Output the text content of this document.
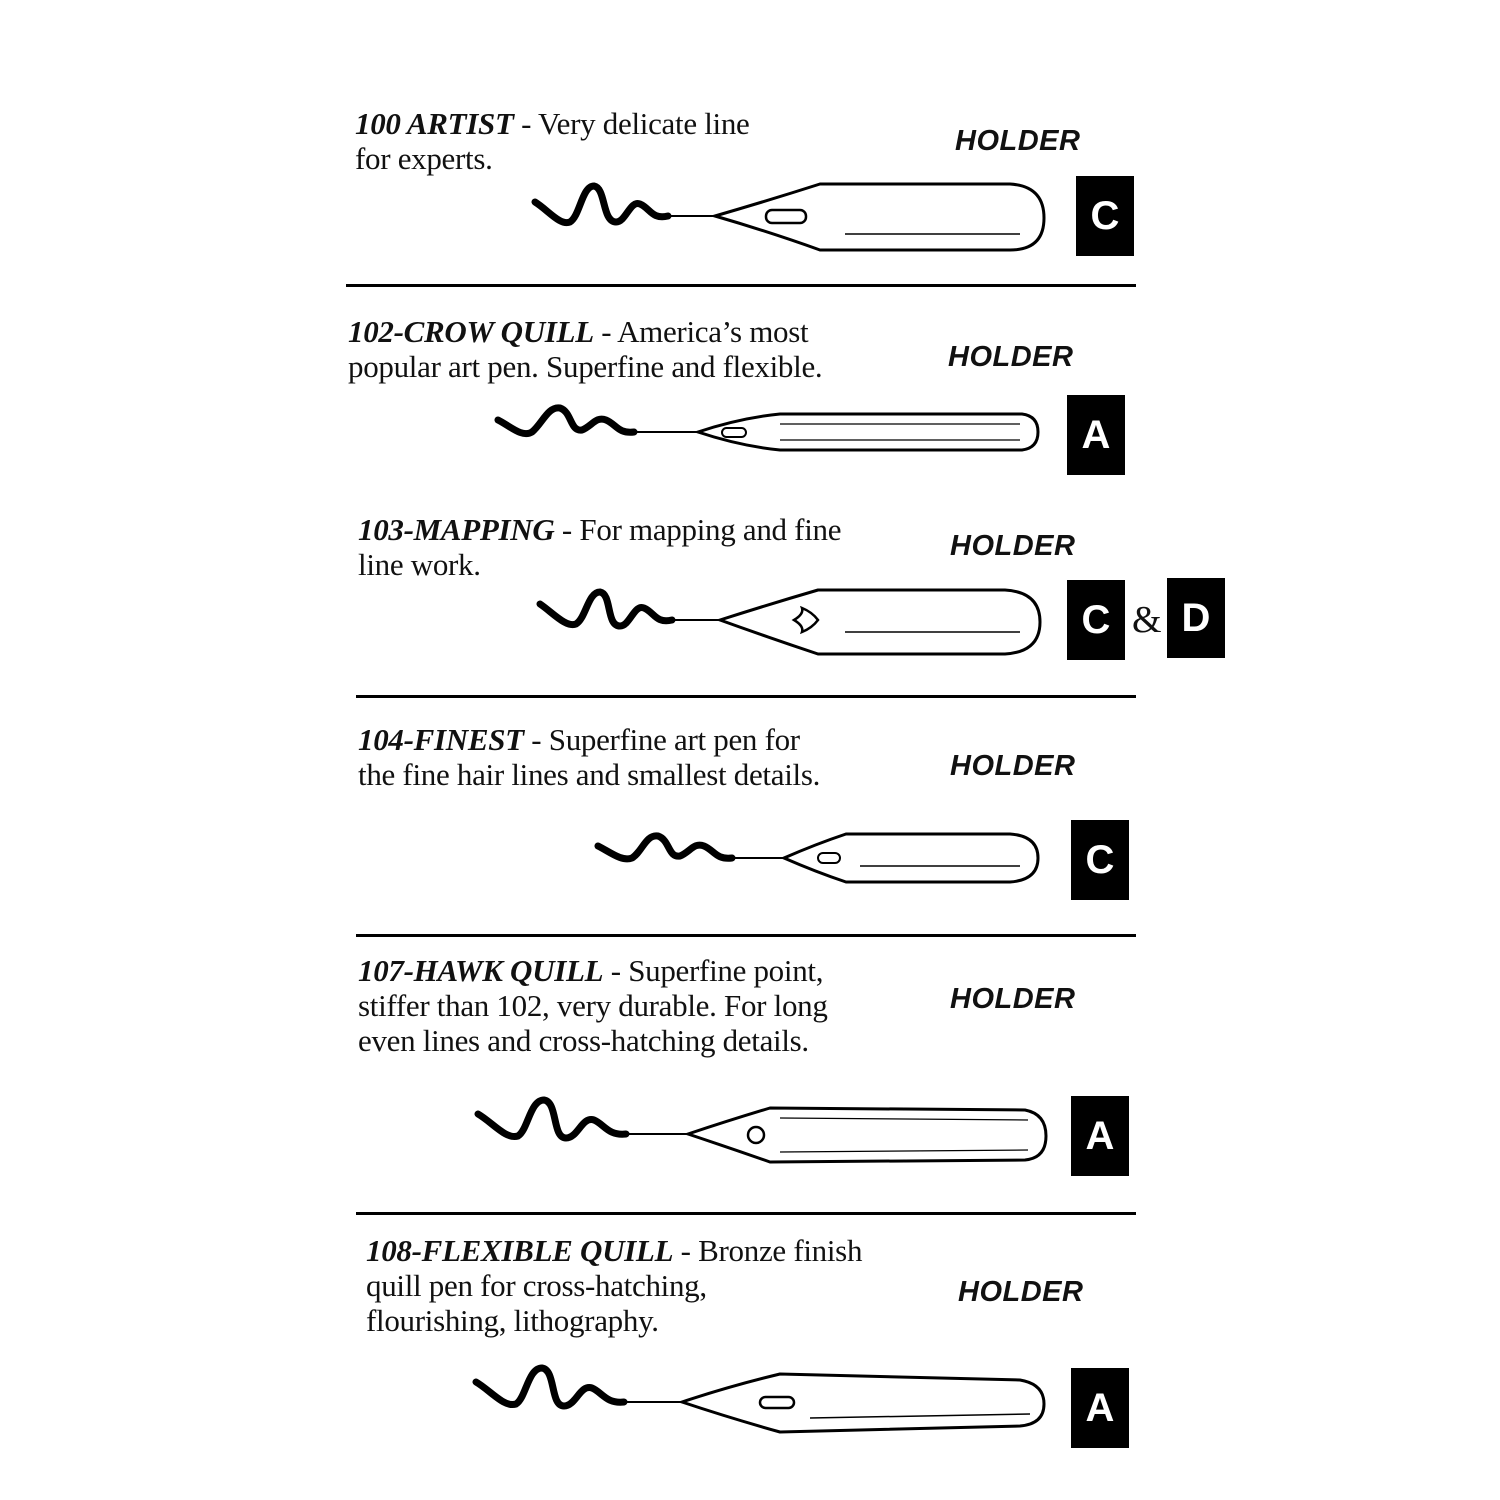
100 ARTIST - Very delicate line
for experts.	HOLDER
C
102-CROW QUILL - America’s most
popular art pen. Superfine and flexible.	HOLDER
A
103-MAPPING - For mapping and fine
line work.
HOLDER
C & D
104-FINEST - Superfine art pen for
the fine hair lines and smallest details.	HOLDER
C
107-HAWK QUILL - Superfine point,
stiffer than 102, very durable. For long
even lines and cross-hatching details.
HOLDER
A
108-FLEXIBLE QUILL - Bronze finish
quill pen for cross-hatching,
flourishing, lithography.
HOLDER
A
